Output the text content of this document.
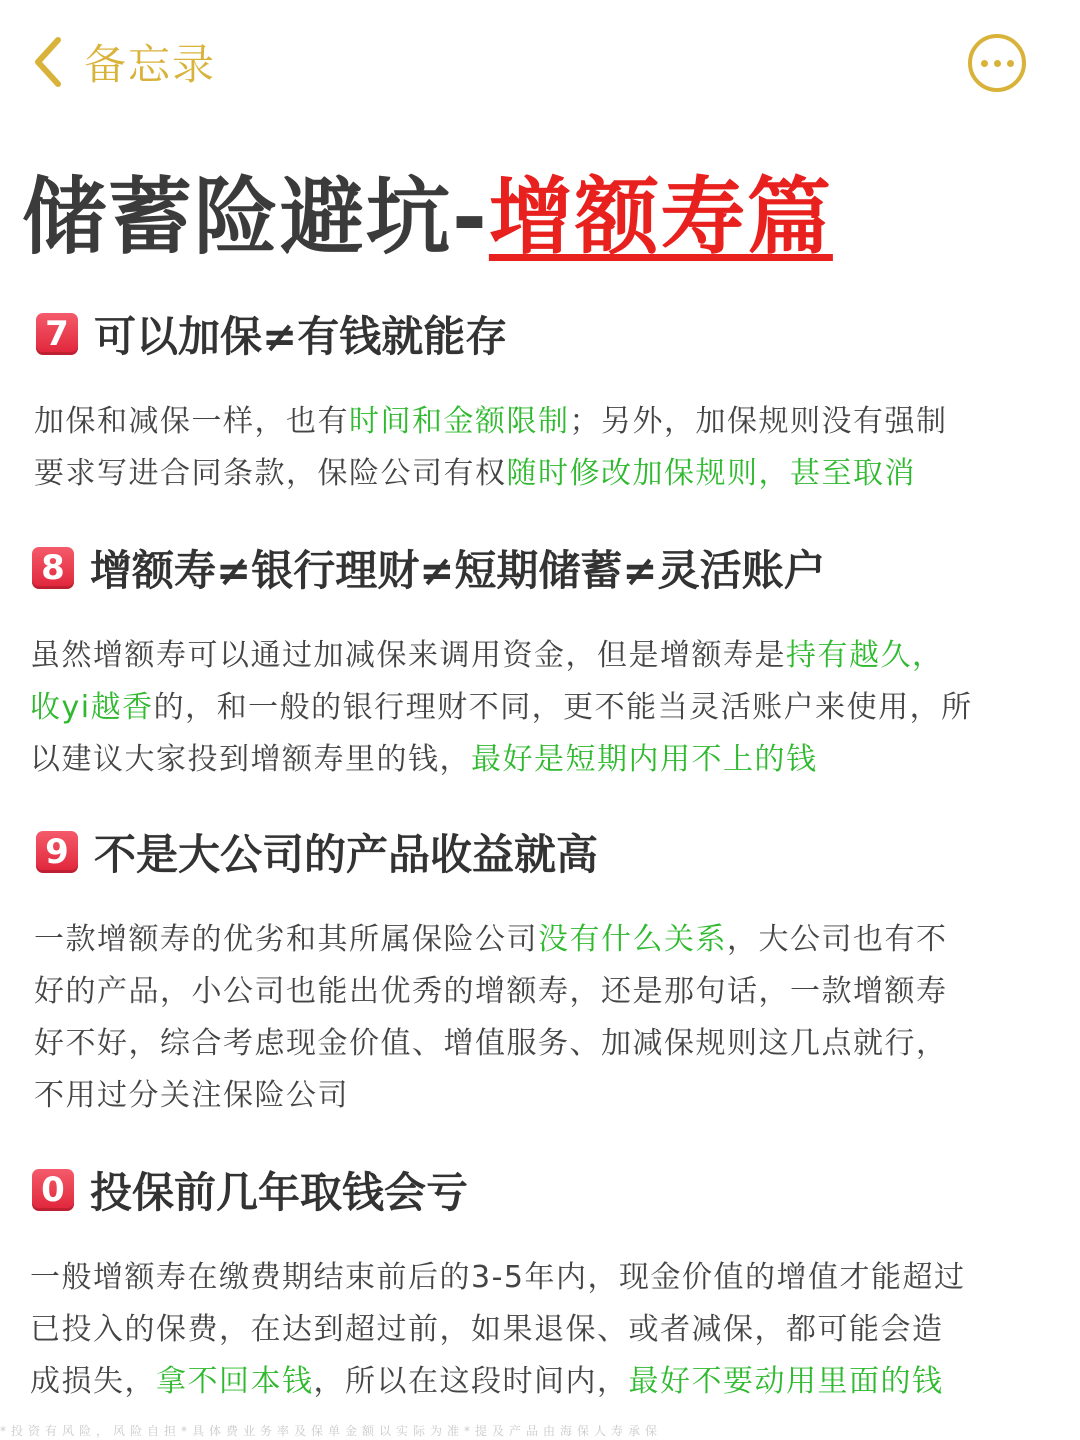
备忘录
储蓄险避坑-增额寿篇
7 可以加保≠有钱就能存
加保和减保一样，也有时间和金额限制；另外，加保规则没有强制
要求写进合同条款，保险公司有权随时修改加保规则，甚至取消
8 增额寿≠银行理财≠短期储蓄≠灵活账户
虽然增额寿可以通过加减保来调用资金，但是增额寿是持有越久，
收yi越香的，和一般的银行理财不同，更不能当灵活账户来使用，所
以建议大家投到增额寿里的钱，最好是短期内用不上的钱
9 不是大公司的产品收益就高
一款增额寿的优劣和其所属保险公司没有什么关系，大公司也有不
好的产品，小公司也能出优秀的增额寿，还是那句话，一款增额寿
好不好，综合考虑现金价值、增值服务、加减保规则这几点就行，
不用过分关注保险公司
0 投保前几年取钱会亏
一般增额寿在缴费期结束前后的3-5年内，现金价值的增值才能超过
已投入的保费，在达到超过前，如果退保、或者减保，都可能会造
成损失，拿不回本钱，所以在这段时间内，最好不要动用里面的钱
*投资有风险，风险自担*具体费业务率及保单金额以实际为准*提及产品由海保人寿承保
